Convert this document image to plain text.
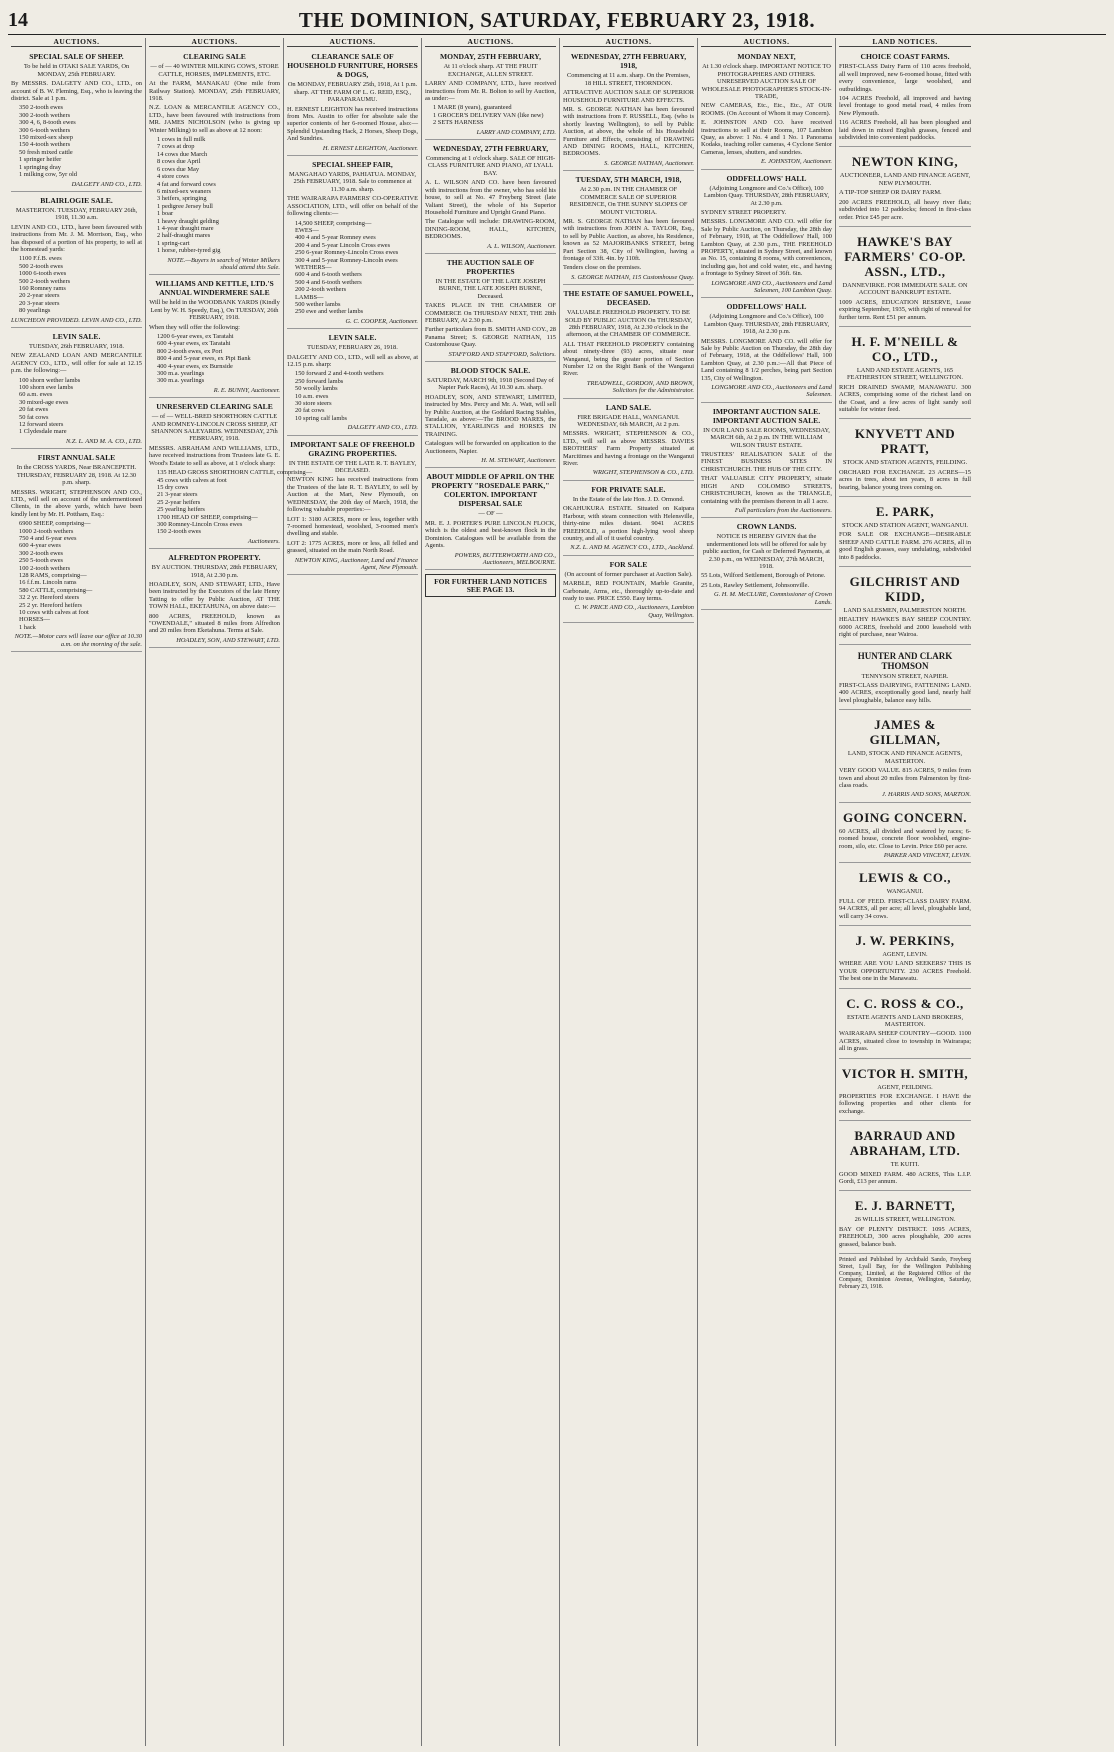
14	THE DOMINION, SATURDAY, FEBRUARY 23, 1918.
AUCTIONS.
SPECIAL SALE OF SHEEP.
To be held in OTAKI SALE YARDS, On MONDAY, 25th FEBRUARY.

By MESSRS. DALGETY AND CO., LTD., on account of B. W. Fleming, Esq., who is leaving the district. Sale at 1 p.m.

350 2-tooth ewes
300 2-tooth wethers
300 4, 6, 8-tooth ewes
300 6-tooth wethers
150 mixed-sex sheep
150 4-tooth wethers
50 fresh mixed cattle
1 springer heifer
1 springing dray
1 milking cow, 5yr old
DALGETY AND CO., LTD.
BLAIRLOGIE SALE.
MASTERTON. TUESDAY, FEBRUARY 26th, 1918, 11.30 a.m.

LEVIN AND CO., LTD., have been favoured with instructions from Mr. J. M. Morrison, Esq., who has disposed of a portion of his property, to sell at the homestead yards:

1100 F.f.B. ewes
500 2-tooth ewes
1000 6-tooth ewes
500 2-tooth wethers
160 Romney rams
20 2-year steers
20 3-year steers
80 yearlings
LUNCHEON PROVIDED. LEVIN AND CO., LTD.
LEVIN SALE.
TUESDAY, 26th FEBRUARY, 1918.

NEW ZEALAND LOAN AND MERCANTILE AGENCY CO., LTD., will offer for sale at 12.15 p.m. the following:—

100 shorn wether lambs
100 shorn ewe lambs
60 a.m. ewes
30 mixed-age ewes
20 fat ewes
50 fat cows
12 forward steers
1 Clydesdale mare
N.Z. L. AND M. A. CO., LTD.
FIRST ANNUAL SALE
In the CROSS YARDS, Near BRANCEPETH. THURSDAY, FEBRUARY 28, 1918. At 12.30 p.m. sharp.

MESSRS. WRIGHT, STEPHENSON AND CO., LTD., will sell on account of the undermentioned Clients, in the above yards, which have been kindly lent by Mr. H. Pottham, Esq.:

6900 SHEEP, comprising—
1000 2-tooth wethers
750 4 and 6-year ewes
600 4-year ewes
300 2-tooth ewes
250 5-tooth ewes
100 2-tooth wethers
128 RAMS, comprising—
16 f.f.m. Lincoln rams
580 CATTLE, comprising—
32 2 yr. Hereford steers
25 2 yr. Hereford heifers
10 cows with calves at foot
HORSES—
1 hack
NOTE.—Motor cars will leave our office at 10.30 a.m. on the morning of the sale.
AUCTIONS.
CLEARING SALE
— of — 40 WINTER MILKING COWS, STORE CATTLE, HORSES, IMPLEMENTS, ETC.

At the FARM, MANAKAU (One mile from Railway Station). MONDAY, 25th FEBRUARY, 1918.

N.Z. LOAN & MERCANTILE AGENCY CO., LTD., have been favoured with instructions from MR. JAMES NICHOLSON (who is giving up Winter Milking) to sell as above at 12 noon:

1 cows in full milk
7 cows at drop
14 cows due March
8 cows due April
6 cows due May
4 store cows
4 fat and forward cows
6 mixed-sex weaners
3 heifers, springing
1 pedigree Jersey bull
1 boar
1 heavy draught gelding
1 4-year draught mare
2 half-draught mares
1 spring-cart
1 horse, rubber-tyred gig
NOTE.—Buyers in search of Winter Milkers should attend this Sale.
WILLIAMS AND KETTLE, LTD.'S ANNUAL WINDERMERE SALE
Will be held in the WOODBANK YARDS (Kindly Lent by W. H. Speedy, Esq.), On TUESDAY, 26th FEBRUARY, 1918.

When they will offer the following:

1200 6-year ewes, ex Taratahi
600 4-year ewes, ex Taratahi
800 2-tooth ewes, ex Pori
800 4 and 5-year ewes, ex Pipi Bank
400 4-year ewes, ex Burnside
300 m.a. yearlings
300 m.a. yearlings
R. E. BUNNY, Auctioneer.
UNRESERVED CLEARING SALE
— of — WELL-BRED SHORTHORN CATTLE AND ROMNEY-LINCOLN CROSS SHEEP, AT SHANNON SALEYARDS. WEDNESDAY, 27th FEBRUARY, 1918.

MESSRS. ABRAHAM AND WILLIAMS, LTD., have received instructions from Trustees late G. E. Wood's Estate to sell as above, at 1 o'clock sharp:

135 HEAD GROSS SHORTHORN CATTLE, comprising—
45 cows with calves at foot
15 dry cows
21 3-year steers
25 2-year heifers
25 yearling heifers
1700 HEAD OF SHEEP, comprising—
300 Romney-Lincoln Cross ewes
150 2-tooth ewes
Auctioneers.
ALFREDTON PROPERTY.
BY AUCTION. THURSDAY, 28th FEBRUARY, 1918, At 2.30 p.m.

HOADLEY, SON, AND STEWART, LTD., Have been instructed by the Executors of the late Henry Tatting to offer by Public Auction, AT THE TOWN HALL, EKETAHUNA, on above date:—

800 ACRES, FREEHOLD, known as "OWENDALE," situated 8 miles from Alfredton and 20 miles from Eketahuna. Terms at Sale.

HOADLEY, SON, AND STEWART, LTD.
AUCTIONS.
CLEARANCE SALE OF HOUSEHOLD FURNITURE, HORSES & DOGS,
On MONDAY, FEBRUARY 25th, 1918, At 1 p.m. sharp. AT THE FARM OF L. G. REID, ESQ., PARAPARAUMU.

H. ERNEST LEIGHTON has received instructions from Mrs. Austin to offer for absolute sale the superior contents of her 6-roomed House, also:—Splendid Upstanding Hack, 2 Horses, Sheep Dogs, And Sundries.

H. ERNEST LEIGHTON, Auctioneer.
SPECIAL SHEEP FAIR,
MANGAHAO YARDS, PAHIATUA. MONDAY, 25th FEBRUARY, 1918. Sale to commence at 11.30 a.m. sharp.

THE WAIRARAPA FARMERS' CO-OPERATIVE ASSOCIATION, LTD., will offer on behalf of the following clients:—

14,500 SHEEP, comprising—
EWES—
400 4 and 5-year Romney ewes
200 4 and 5-year Lincoln Cross ewes
250 6-year Romney-Lincoln Cross ewes
300 4 and 5-year Romney-Lincoln ewes
WETHERS—
600 4 and 6-tooth wethers
500 4 and 6-tooth wethers
200 2-tooth wethers
LAMBS—
500 wether lambs
250 ewe and wether lambs
G. C. COOPER, Auctioneer.
LEVIN SALE.
TUESDAY, FEBRUARY 26, 1918.

DALGETY AND CO., LTD., will sell as above, at 12.15 p.m. sharp:

150 forward 2 and 4-tooth wethers
250 forward lambs
50 woolly lambs
10 a.m. ewes
30 store steers
20 fat cows
10 spring calf lambs
DALGETY AND CO., LTD.
IMPORTANT SALE OF FREEHOLD GRAZING PROPERTIES.
IN THE ESTATE OF THE LATE R. T. BAYLEY, DECEASED.

NEWTON KING has received instructions from the Trustees of the late R. T. BAYLEY, to sell by Auction at the Mart, New Plymouth, on WEDNESDAY, the 20th day of March, 1918, the following valuable properties:—

LOT 1: 3180 ACRES, more or less, together with 7-roomed homestead, woolshed, 3-roomed men's dwelling and stable.

LOT 2: 1775 ACRES, more or less, all felled and grassed, situated on the main North Road.

NEWTON KING, Auctioneer, Land and Finance Agent, New Plymouth.
AUCTIONS.
MONDAY, 25TH FEBRUARY,
At 11 o'clock sharp. AT THE FRUIT EXCHANGE, ALLEN STREET.

LARRY AND COMPANY, LTD., have received instructions from Mr. R. Bolton to sell by Auction, as under:—

1 MARE (8 years), guaranteed
1 GROCER'S DELIVERY VAN (like new)
2 SETS HARNESS
LARRY AND COMPANY, LTD.
WEDNESDAY, 27TH FEBRUARY,
Commencing at 1 o'clock sharp. SALE OF HIGH-CLASS FURNITURE AND PIANO, AT LYALL BAY.

A. L. WILSON AND CO. have been favoured with instructions from the owner, who has sold his house, to sell at No. 47 Freyberg Street (late Valiant Street), the whole of his Superior Household Furniture and Upright Grand Piano.

The Catalogue will include: DRAWING-ROOM, DINING-ROOM, HALL, KITCHEN, BEDROOMS.

A. L. WILSON, Auctioneer.
THE AUCTION SALE OF PROPERTIES
IN THE ESTATE OF THE LATE JOSEPH BURNE, THE LATE JOSEPH BURNE, Deceased.

TAKES PLACE IN THE CHAMBER OF COMMERCE On THURSDAY NEXT, THE 28th FEBRUARY, At 2.30 p.m.

Further particulars from B. SMITH AND COY., 28 Panama Street; S. GEORGE NATHAN, 115 Customhouse Quay.

STAFFORD AND STAFFORD, Solicitors.
BLOOD STOCK SALE.
SATURDAY, MARCH 9th, 1918 (Second Day of Napier Park Races), At 10.30 a.m. sharp.

HOADLEY, SON, AND STEWART, LIMITED, instructed by Mrs. Percy and Mr. A. Watt, will sell by Public Auction, at the Goddard Racing Stables, Taradale, as above:—The BROOD MARES, the STALLION, YEARLINGS and HORSES IN TRAINING.

Catalogues will be forwarded on application to the Auctioneers, Napier.

H. M. STEWART, Auctioneer.
ABOUT MIDDLE OF APRIL ON THE PROPERTY "ROSEDALE PARK," COLERTON. IMPORTANT DISPERSAL SALE
— OF —

MR. E. J. PORTER'S PURE LINCOLN FLOCK, which is the oldest and best-known flock in the Dominion. Catalogues will be available from the Agents.

POWERS, BUTTERWORTH AND CO., Auctioneers, MELBOURNE.
FOR FURTHER LAND NOTICES SEE PAGE 13.
AUCTIONS.
WEDNESDAY, 27TH FEBRUARY, 1918,
Commencing at 11 a.m. sharp. On the Premises, 18 HILL STREET, THORNDON.

ATTRACTIVE AUCTION SALE OF SUPERIOR HOUSEHOLD FURNITURE AND EFFECTS.

MR. S. GEORGE NATHAN has been favoured with instructions from F. RUSSELL, Esq. (who is shortly leaving Wellington), to sell by Public Auction, at above, the whole of his Household Furniture and Effects, consisting of DRAWING AND DINING ROOMS, HALL, KITCHEN, BEDROOMS.

S. GEORGE NATHAN, Auctioneer.
TUESDAY, 5TH MARCH, 1918,
At 2.30 p.m. IN THE CHAMBER OF COMMERCE SALE OF SUPERIOR RESIDENCE, On THE SUNNY SLOPES OF MOUNT VICTORIA.

MR. S. GEORGE NATHAN has been favoured with instructions from JOHN A. TAYLOR, Esq., to sell by Public Auction, as above, his Residence, known as 52 MAJORIBANKS STREET, being Part Section 38, City of Wellington, having a frontage of 33ft. 4in. by 110ft.

Tenders close on the premises.

S. GEORGE NATHAN, 115 Customhouse Quay.
THE ESTATE OF SAMUEL POWELL, DECEASED.
VALUABLE FREEHOLD PROPERTY. TO BE SOLD BY PUBLIC AUCTION On THURSDAY, 28th FEBRUARY, 1918, At 2.30 o'clock in the afternoon, at the CHAMBER OF COMMERCE.

ALL THAT FREEHOLD PROPERTY containing about ninety-three (93) acres, situate near Wanganui, being the greater portion of Section Number 12 on the Right Bank of the Wanganui River.

TREADWELL, GORDON, AND BROWN, Solicitors for the Administrator.
LAND SALE.
FIRE BRIGADE HALL, WANGANUI. WEDNESDAY, 6th MARCH, At 2 p.m.

MESSRS. WRIGHT, STEPHENSON & CO., LTD., will sell as above MESSRS. DAVIES BROTHERS' Farm Property situated at Marcitimes and having a frontage on the Wanganui River.

WRIGHT, STEPHENSON & CO., LTD.
FOR PRIVATE SALE.
In the Estate of the late Hon. J. D. Ormond.

OKAHUKURA ESTATE. Situated on Kaipara Harbour, with steam connection with Helensville, thirty-nine miles distant. 9041 ACRES FREEHOLD, a portion high-lying wool sheep country, and all of it useful country.

N.Z. L. AND M. AGENCY CO., LTD., Auckland.
FOR SALE
(On account of former purchaser at Auction Sale).

MARBLE, RED FOUNTAIN, Marble Granite, Carbonate, Arms, etc., thoroughly up-to-date and ready to use. PRICE £550. Easy terms.

C. W. PRICE AND CO., Auctioneers, Lambton Quay, Wellington.
AUCTIONS.
MONDAY NEXT,
At 1.30 o'clock sharp. IMPORTANT NOTICE TO PHOTOGRAPHERS AND OTHERS. UNRESERVED AUCTION SALE OF WHOLESALE PHOTOGRAPHER'S STOCK-IN-TRADE,

NEW CAMERAS, Etc., Etc., Etc., AT OUR ROOMS. (On Account of Whom it may Concern).

E. JOHNSTON AND CO. have received instructions to sell at their Rooms, 107 Lambton Quay, as above: 1 No. 4 and 1 No. 1 Panorama Kodaks, teaching roller cameras, 4 Cyclone Senior Cameras, lenses, shutters, and sundries.

E. JOHNSTON, Auctioneer.
ODDFELLOWS' HALL
(Adjoining Longmore and Co.'s Office), 100 Lambton Quay. THURSDAY, 28th FEBRUARY, At 2.30 p.m.

SYDNEY STREET PROPERTY.

MESSRS. LONGMORE AND CO. will offer for Sale by Public Auction, on Thursday, the 28th day of February, 1918, at The Oddfellows' Hall, 100 Lambton Quay, at 2.30 p.m., THE FREEHOLD PROPERTY, situated in Sydney Street, and known as No. 15, containing 8 rooms, with conveniences, including gas, hot and cold water, etc., and having a frontage to Sydney Street of 36ft. 6in.

LONGMORE AND CO., Auctioneers and Land Salesmen, 100 Lambton Quay.
ODDFELLOWS' HALL
(Adjoining Longmore and Co.'s Office), 100 Lambton Quay. THURSDAY, 28th FEBRUARY, 1918, At 2.30 p.m.

MESSRS. LONGMORE AND CO. will offer for Sale by Public Auction on Thursday, the 28th day of February, 1918, at the Oddfellows' Hall, 100 Lambton Quay, at 2.30 p.m.:—All that Piece of Land containing 8 1/2 perches, being part Section 135, City of Wellington.

LONGMORE AND CO., Auctioneers and Land Salesmen.
IMPORTANT AUCTION SALE. IMPORTANT AUCTION SALE.
IN OUR LAND SALE ROOMS, WEDNESDAY, MARCH 6th, At 2 p.m. IN THE WILLIAM WILSON TRUST ESTATE.

TRUSTEES' REALISATION SALE of the FINEST BUSINESS SITES IN CHRISTCHURCH. THE HUB OF THE CITY.

THAT VALUABLE CITY PROPERTY, situate HIGH AND COLOMBO STREETS, CHRISTCHURCH, known as the TRIANGLE, containing with the premises thereon in all 1 acre.

Full particulars from the Auctioneers.
CROWN LANDS.
NOTICE IS HEREBY GIVEN that the undermentioned lots will be offered for sale by public auction, for Cash or Deferred Payments, at 2.30 p.m., on WEDNESDAY, 27th MARCH, 1918.

55 Lots, Wilford Settlement, Borough of Petone.

25 Lots, Rawley Settlement, Johnsonville.

G. H. M. McCLURE, Commissioner of Crown Lands.
LAND NOTICES.
CHOICE COAST FARMS.

FIRST-CLASS Dairy Farm of 110 acres freehold, all well improved, new 6-roomed house, fitted with every convenience, large woolshed, and outbuildings.

104 ACRES Freehold, all improved and having level frontage to good metal road, 4 miles from New Plymouth.

116 ACRES Freehold, all has been ploughed and laid down in mixed English grasses, fenced and subdivided into convenient paddocks.

NEWTON KING,
AUCTIONEER, LAND AND FINANCE AGENT, NEW PLYMOUTH.

A TIP-TOP SHEEP OR DAIRY FARM.

200 ACRES FREEHOLD, all heavy river flats; subdivided into 12 paddocks; fenced in first-class order. Price £45 per acre.

HAWKE'S BAY FARMERS' CO-OP. ASSN., LTD.,
DANNEVIRKE. FOR IMMEDIATE SALE. ON ACCOUNT BANKRUPT ESTATE.

1009 ACRES, EDUCATION RESERVE, Lease expiring September, 1935, with right of renewal for further term. Rent £51 per annum.

H. F. M'NEILL & CO., LTD.,
LAND AND ESTATE AGENTS, 165 FEATHERSTON STREET, WELLINGTON.

RICH DRAINED SWAMP, MANAWATU. 300 ACRES, comprising some of the richest land on the Coast, and a few acres of light sandy soil suitable for winter feed.

KNYVETT AND PRATT,
STOCK AND STATION AGENTS, FEILDING.

ORCHARD FOR EXCHANGE. 23 ACRES—15 acres in trees, about ten years, 8 acres in full bearing, balance young trees coming on.

E. PARK,
STOCK AND STATION AGENT, WANGANUI.

FOR SALE OR EXCHANGE—DESIRABLE SHEEP AND CATTLE FARM. 276 ACRES, all in good English grasses, easy undulating, subdivided into 8 paddocks.

GILCHRIST AND KIDD,
LAND SALESMEN, PALMERSTON NORTH.

HEALTHY HAWKE'S BAY SHEEP COUNTRY. 6000 ACRES, freehold and 2000 leasehold with right of purchase, near Wairoa.

HUNTER AND CLARK THOMSON
TENNYSON STREET, NAPIER.

FIRST-CLASS DAIRYING, FATTENING LAND. 400 ACRES, exceptionally good land, nearly half level ploughable, balance easy hills.

JAMES & GILLMAN,
LAND, STOCK AND FINANCE AGENTS, MASTERTON.

VERY GOOD VALUE. 815 ACRES, 9 miles from town and about 20 miles from Palmerston by first-class roads.

J. HARRIS AND SONS, MARTON.
GOING CONCERN.

60 ACRES, all divided and watered by races; 6-roomed house, concrete floor woolshed, engine-room, silo, etc. Close to Levin. Price £60 per acre.

PARKER AND VINCENT, LEVIN.
LEWIS & CO.,
WANGANUI.

FULL OF FEED. FIRST-CLASS DAIRY FARM. 94 ACRES, all per acre; all level, ploughable land, will carry 34 cows.

J. W. PERKINS,
AGENT, LEVIN.

WHERE ARE YOU LAND SEEKERS? THIS IS YOUR OPPORTUNITY. 230 ACRES Freehold. The best one in the Manawatu.

C. C. ROSS & CO.,
ESTATE AGENTS AND LAND BROKERS, MASTERTON.

WAIRARAPA SHEEP COUNTRY—GOOD. 1100 ACRES, situated close to township in Wairarapa; all in grass.

VICTOR H. SMITH,
AGENT, FEILDING.

PROPERTIES FOR EXCHANGE. I HAVE the following properties and other clients for exchange.

BARRAUD AND ABRAHAM, LTD.
TE KUITI.

GOOD MIXED FARM. 480 ACRES, This L.I.P. Gordi, £13 per annum.

E. J. BARNETT,
26 WILLIS STREET, WELLINGTON.

BAY OF PLENTY DISTRICT. 1095 ACRES, FREEHOLD, 300 acres ploughable, 200 acres grassed, balance bush.

Printed and Published by Archibald Sando, Freyberg Street, Lyall Bay, for the Wellington Publishing Company, Limited, at the Registered Office of the Company, Dominion Avenue, Wellington, Saturday, February 23, 1918.
